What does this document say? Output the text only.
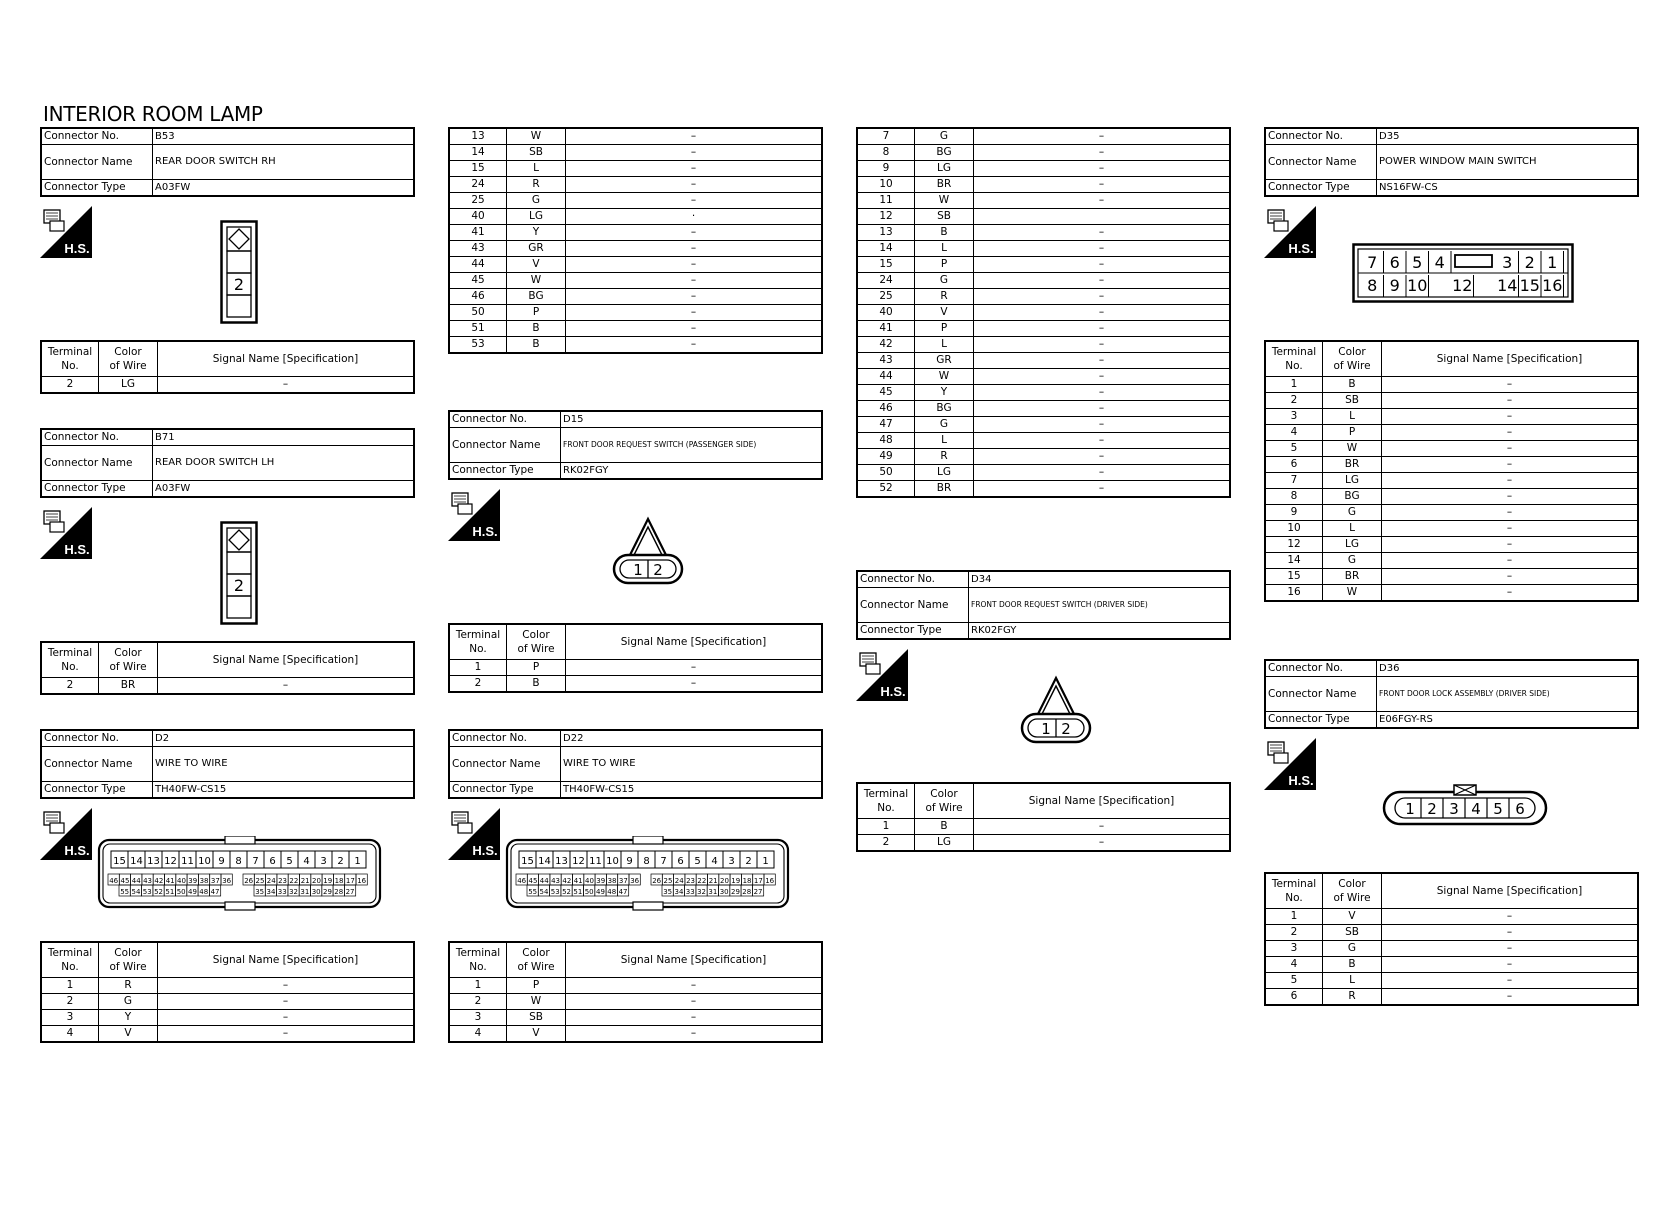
INTERIOR ROOM LAMP
Connector No.	B53
Connector Name	REAR DOOR SWITCH RH
Connector Type	A03FW
H.S.
2
Terminal
No.	Color
of Wire	Signal Name [Specification]
2	LG	–
Connector No.	B71
Connector Name	REAR DOOR SWITCH LH
Connector Type	A03FW
H.S.
2
Terminal
No.	Color
of Wire	Signal Name [Specification]
2	BR	–
Connector No.	D2
Connector Name	WIRE TO WIRE
Connector Type	TH40FW-CS15
H.S.
15 14 13 12 11 10 9 8 7 6 5 4 3 2 1
46 45 44 43 42 41 40 39 38 37 36 26 25 24 23 22 21 20 19 18 17 16
55 54 53 52 51 50 49 48 47	35 34 33 32 31 30 29 28 27
Terminal
No.	Color
of Wire	Signal Name [Specification]
1	R	–
2	G	–
3	Y	–
4	V	–
13	W	–
14	SB	–
15	L	–
24	R	–
25	G	–
40	LG	·
41	Y	–
43	GR	–
44	V	–
45	W	–
46	BG	–
50	P	–
51	B	–
53	B	–
Connector No.	D15
Connector Name	FRONT DOOR REQUEST SWITCH (PASSENGER SIDE)
Connector Type	RK02FGY
H.S.
1 2
Terminal
No.	Color
of Wire	Signal Name [Specification]
1	P	–
2	B	–
Connector No.	D22
Connector Name	WIRE TO WIRE
Connector Type	TH40FW-CS15
H.S.
15 14 13 12 11 10 9 8 7 6 5 4 3 2 1
46 45 44 43 42 41 40 39 38 37 36 26 25 24 23 22 21 20 19 18 17 16
55 54 53 52 51 50 49 48 47	35 34 33 32 31 30 29 28 27
Terminal
No.	Color
of Wire	Signal Name [Specification]
1	P	–
2	W	–
3	SB	–
4	V	–
7	G	–
8	BG	–
9	LG	–
10	BR	–
11	W	–
12	SB	
13	B	–
14	L	–
15	P	–
24	G	–
25	R	–
40	V	–
41	P	–
42	L	–
43	GR	–
44	W	–
45	Y	–
46	BG	–
47	G	–
48	L	–
49	R	–
50	LG	–
52	BR	–
Connector No.	D34
Connector Name	FRONT DOOR REQUEST SWITCH (DRIVER SIDE)
Connector Type	RK02FGY
H.S.
1 2
Terminal
No.	Color
of Wire	Signal Name [Specification]
1	B	–
2	LG	–
Connector No.	D35
Connector Name	POWER WINDOW MAIN SWITCH
Connector Type	NS16FW-CS
H.S.
7 6 5 4	3 2 1
8 9 10 12 14 15 16
Terminal
No.	Color
of Wire	Signal Name [Specification]
1	B	–
2	SB	–
3	L	–
4	P	–
5	W	–
6	BR	–
7	LG	–
8	BG	–
9	G	–
10	L	–
12	LG	–
14	G	–
15	BR	–
16	W	–
Connector No.	D36
Connector Name	FRONT DOOR LOCK ASSEMBLY (DRIVER SIDE)
Connector Type	E06FGY-RS
H.S.
1 2 3 4 5 6
Terminal
No.	Color
of Wire	Signal Name [Specification]
1	V	–
2	SB	–
3	G	–
4	B	–
5	L	–
6	R	–
